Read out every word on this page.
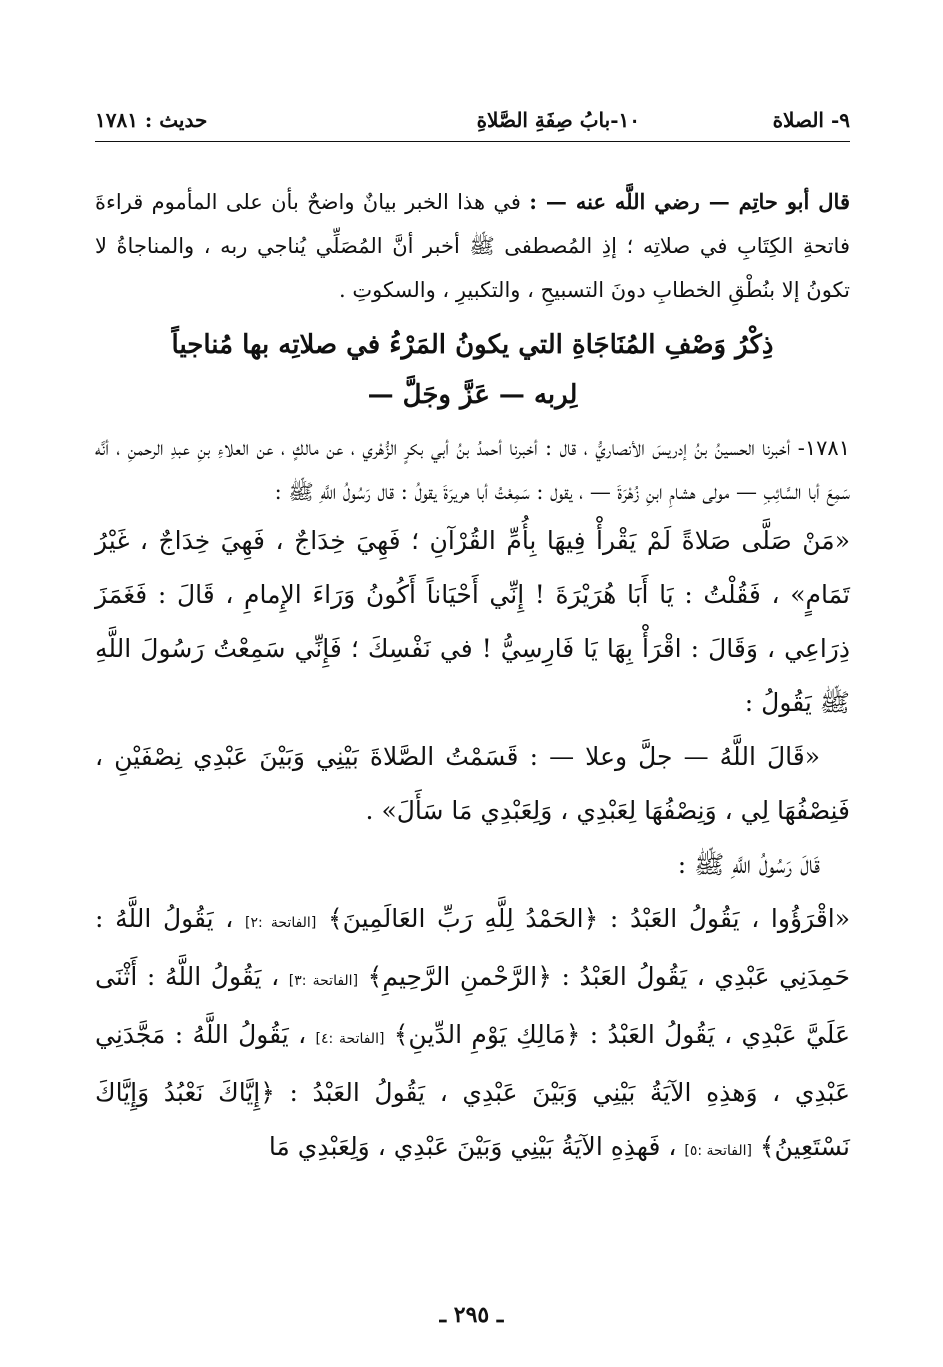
٩- الصلاة
١٠-بابُ صِفَةِ الصَّلاةِ
حديث : ١٧٨١

قال أبو حاتِم — رضي اللَّه عنه — : في هذا الخبر بيانٌ واضحٌ بأن على المأموم قراءةَ فاتحةِ الكِتَابِ في صلاتِه ؛ إذِ المُصطفى ﷺ أخبر أنَّ المُصَلِّي يُناجي ربه ، والمناجاةُ لا تكونُ إلا بنُطْقِ الخطابِ دونَ التسبيحِ ، والتكبيرِ ، والسكوتِ .

ذِكْرُ وَصْفِ المُنَاجَاةِ التي يكونُ المَرْءُ في صلاتِه بها مُناجياً
لِربه — عَزَّ وجَلَّ —

١٧٨١- أخبرنا الحسينُ بنُ إدريسَ الأنصاريُّ ، قال : أخبرنا أحمدُ بنُ أبي بكرٍ الزُّهْري ، عن مالكٍ ، عن العلاءِ بنِ عبدِ الرحمنِ ، أنَّه سَمِعَ أبا السَّائِبِ — مولى هشامِ ابنِ زُهْرَةَ — ، يقول : سَمِعْتُ أبا هريرَةَ يقولُ : قال رَسُولُ اللَّهِ ﷺ :

«مَنْ صَلَّى صَلاةً لَمْ يَقْرأْ فِيهَا بِأُمِّ القُرْآنِ ؛ فَهِيَ خِدَاجٌ ، فَهِيَ خِدَاجٌ ، غَيْرُ تَمَامٍ» ، فَقُلْتُ : يَا أَبَا هُرَيْرَةَ ! إِنِّي أَحْيَاناً أَكُونُ وَرَاءَ الإِمامِ ، قَالَ : فَغَمَزَ ذِرَاعِي ، وَقَالَ : اقْرَأْ بِهَا يَا فَارِسِيُّ ! في نَفْسِكَ ؛ فَإِنِّي سَمِعْتُ رَسُولَ اللَّهِ ﷺ يَقُولُ :

«قَالَ اللَّهُ — جلَّ وعلا — : قَسَمْتُ الصَّلاةَ بَيْنِي وَبَيْنَ عَبْدِي نِصْفَيْنِ ، فَنِصْفُهَا لِي ، وَنِصْفُهَا لِعَبْدِي ، وَلِعَبْدِي مَا سَأَلَ» .

قَالَ رَسُولُ اللَّهِ ﷺ :

«اقْرَؤُوا ، يَقُولُ العَبْدُ : ﴿الحَمْدُ لِلَّهِ رَبِّ العَالَمِينَ﴾ [الفاتحة :٢] ، يَقُولُ اللَّهُ : حَمِدَنِي عَبْدِي ، يَقُولُ العَبْدُ : ﴿الرَّحْمنِ الرَّحِيمِ﴾ [الفاتحة :٣] ، يَقُولُ اللَّهُ : أَثْنَى عَلَيَّ عَبْدِي ، يَقُولُ العَبْدُ : ﴿مَالِكِ يَوْمِ الدِّينِ﴾ [الفاتحة :٤] ، يَقُولُ اللَّهُ : مَجَّدَنِي عَبْدِي ، وَهذِهِ الآيَةُ بَيْنِي وَبَيْنَ عَبْدِي ، يَقُولُ العَبْدُ : ﴿إِيَّاكَ نَعْبُدُ وَإِيَّاكَ نَسْتَعِينُ﴾ [الفاتحة :٥] ، فَهذِهِ الآيَةُ بَيْنِي وَبَيْنَ عَبْدِي ، وَلِعَبْدِي مَا

ـ ٢٩٥ ـ
